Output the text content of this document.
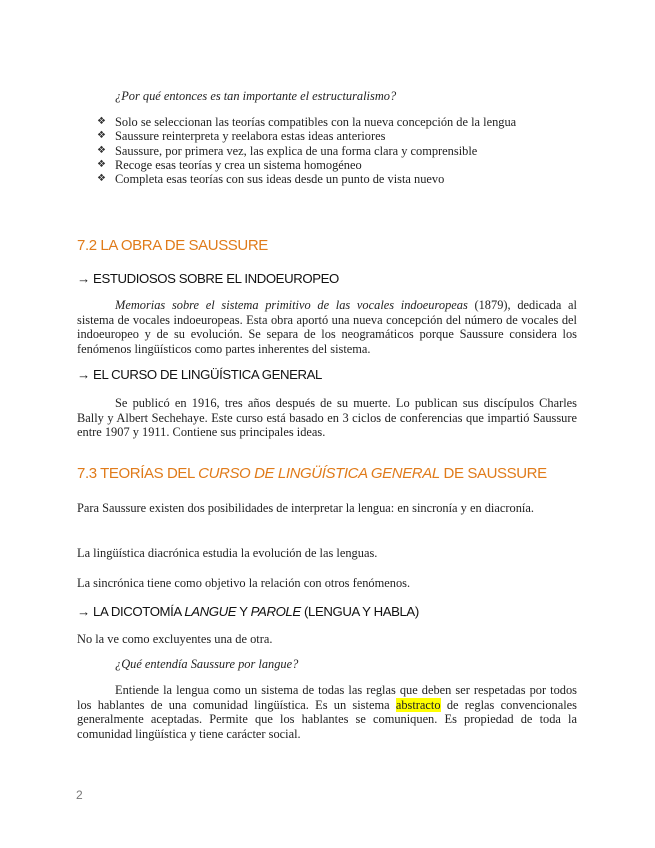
¿Por qué entonces es tan importante el estructuralismo?
❖ Solo se seleccionan las teorías compatibles con la nueva concepción de la lengua
❖ Saussure reinterpreta y reelabora estas ideas anteriores
❖ Saussure, por primera vez, las explica de una forma clara y comprensible
❖ Recoge esas teorías y crea un sistema homogéneo
❖ Completa esas teorías con sus ideas desde un punto de vista nuevo
7.2 LA OBRA DE SAUSSURE
→ ESTUDIOSOS SOBRE EL INDOEUROPEO
Memorias sobre el sistema primitivo de las vocales indoeuropeas (1879), dedicada al sistema de vocales indoeuropeas. Esta obra aportó una nueva concepción del número de vocales del indoeuropeo y de su evolución. Se separa de los neogramáticos porque Saussure considera los fenómenos lingüísticos como partes inherentes del sistema.
→ EL CURSO DE LINGÜÍSTICA GENERAL
Se publicó en 1916, tres años después de su muerte. Lo publican sus discípulos Charles Bally y Albert Sechehaye. Este curso está basado en 3 ciclos de conferencias que impartió Saussure entre 1907 y 1911. Contiene sus principales ideas.
7.3 TEORÍAS DEL CURSO DE LINGÜÍSTICA GENERAL DE SAUSSURE
Para Saussure existen dos posibilidades de interpretar la lengua: en sincronía y en diacronía.
La lingüística diacrónica estudia la evolución de las lenguas.
La sincrónica tiene como objetivo la relación con otros fenómenos.
→ LA DICOTOMÍA LANGUE Y PAROLE (LENGUA Y HABLA)
No la ve como excluyentes una de otra.
¿Qué entendía Saussure por langue?
Entiende la lengua como un sistema de todas las reglas que deben ser respetadas por todos los hablantes de una comunidad lingüística. Es un sistema abstracto de reglas convencionales generalmente aceptadas. Permite que los hablantes se comuniquen. Es propiedad de toda la comunidad lingüística y tiene carácter social.
2
